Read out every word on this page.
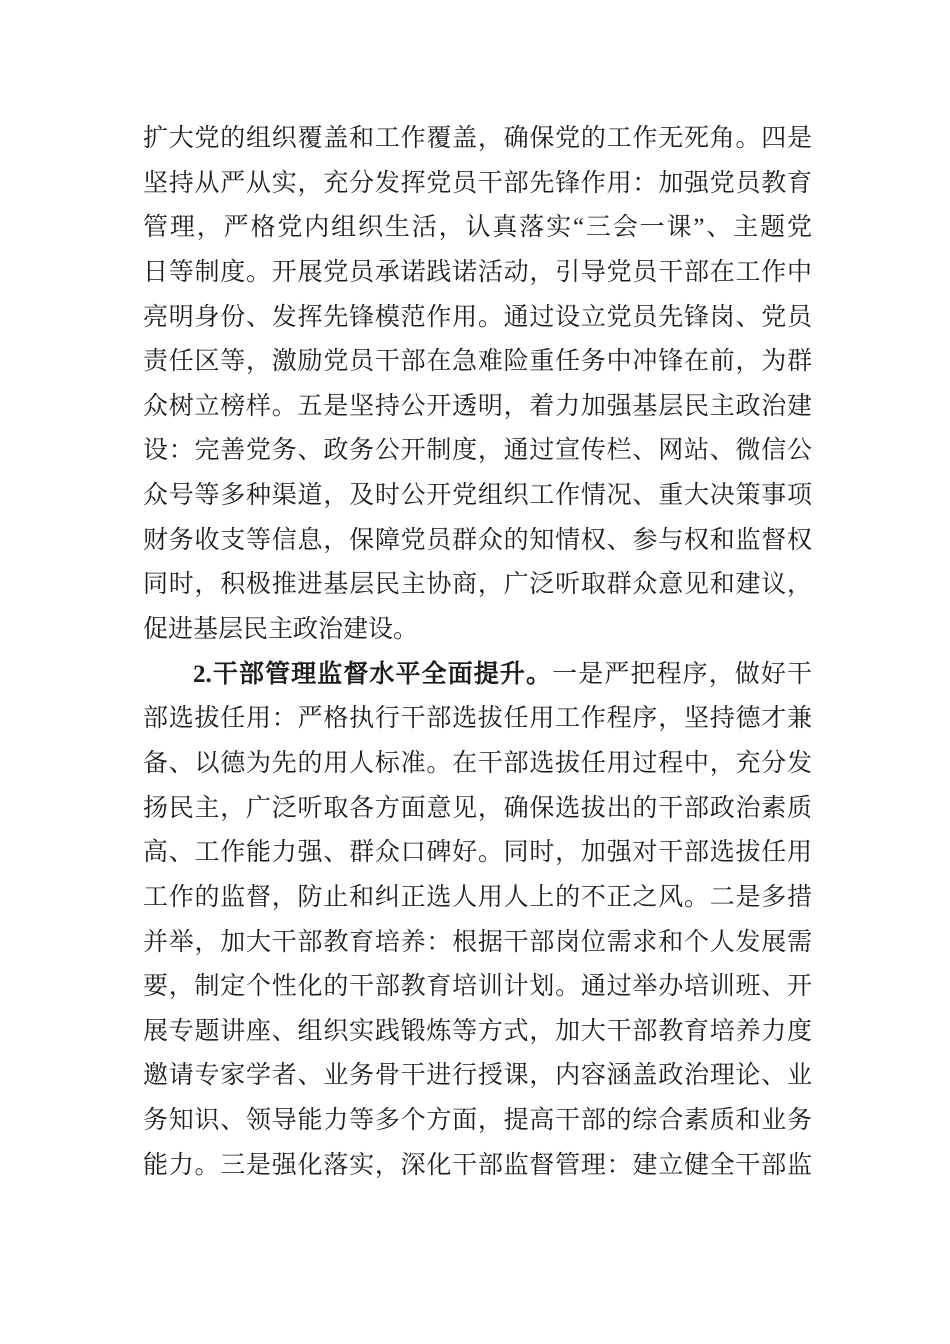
扩大党的组织覆盖和工作覆盖，确保党的工作无死角。四是
坚持从严从实，充分发挥党员干部先锋作用：加强党员教育
管理，严格党内组织生活，认真落实“三会一课”、主题党
日等制度。开展党员承诺践诺活动，引导党员干部在工作中
亮明身份、发挥先锋模范作用。通过设立党员先锋岗、党员
责任区等，激励党员干部在急难险重任务中冲锋在前，为群
众树立榜样。五是坚持公开透明，着力加强基层民主政治建
设：完善党务、政务公开制度，通过宣传栏、网站、微信公
众号等多种渠道，及时公开党组织工作情况、重大决策事项
财务收支等信息，保障党员群众的知情权、参与权和监督权
同时，积极推进基层民主协商，广泛听取群众意见和建议，
促进基层民主政治建设。
2.干部管理监督水平全面提升。一是严把程序，做好干
部选拔任用：严格执行干部选拔任用工作程序，坚持德才兼
备、以德为先的用人标准。在干部选拔任用过程中，充分发
扬民主，广泛听取各方面意见，确保选拔出的干部政治素质
高、工作能力强、群众口碑好。同时，加强对干部选拔任用
工作的监督，防止和纠正选人用人上的不正之风。二是多措
并举，加大干部教育培养：根据干部岗位需求和个人发展需
要，制定个性化的干部教育培训计划。通过举办培训班、开
展专题讲座、组织实践锻炼等方式，加大干部教育培养力度
邀请专家学者、业务骨干进行授课，内容涵盖政治理论、业
务知识、领导能力等多个方面，提高干部的综合素质和业务
能力。三是强化落实，深化干部监督管理：建立健全干部监
